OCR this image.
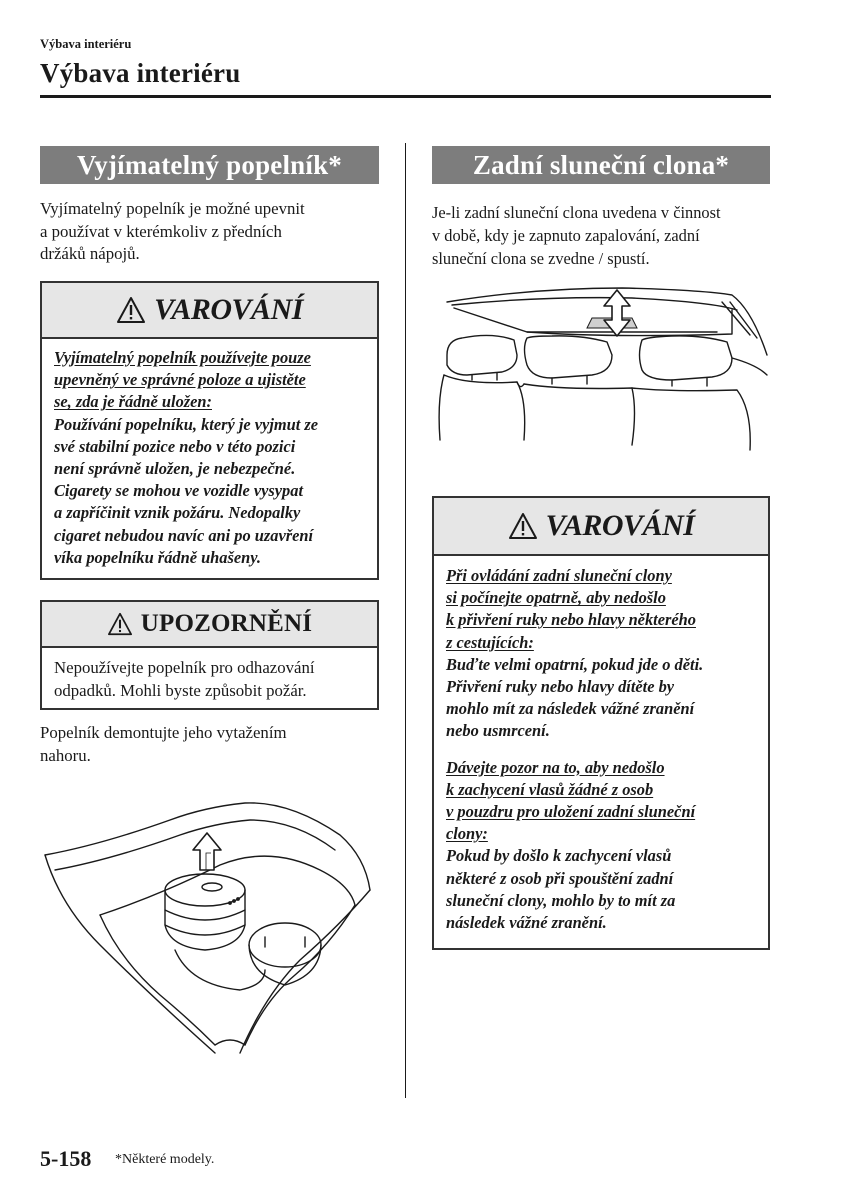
Výbava interiéru
Výbava interiéru
Vyjímatelný popelník*
Vyjímatelný popelník je možné upevnit
a používat v kterémkoliv z předních
držáků nápojů.
VAROVÁNÍ
Vyjímatelný popelník používejte pouze
upevněný ve správné poloze a ujistěte
se, zda je řádně uložen:
Používání popelníku, který je vyjmut ze
své stabilní pozice nebo v této pozici
není správně uložen, je nebezpečné.
Cigarety se mohou ve vozidle vysypat
a zapříčinit vznik požáru. Nedopalky
cigaret nebudou navíc ani po uzavření
víka popelníku řádně uhašeny.
UPOZORNĚNÍ
Nepoužívejte popelník pro odhazování
odpadků. Mohli byste způsobit požár.
Popelník demontujte jeho vytažením
nahoru.
Zadní sluneční clona*
Je-li zadní sluneční clona uvedena v činnost
v době, kdy je zapnuto zapalování, zadní
sluneční clona se zvedne / spustí.
VAROVÁNÍ
Při ovládání zadní sluneční clony
si počínejte opatrně, aby nedošlo
k přivření ruky nebo hlavy některého
z cestujících:
Buďte velmi opatrní, pokud jde o děti.
Přivření ruky nebo hlavy dítěte by
mohlo mít za následek vážné zranění
nebo usmrcení.
Dávejte pozor na to, aby nedošlo
k zachycení vlasů žádné z osob
v pouzdru pro uložení zadní sluneční
clony:
Pokud by došlo k zachycení vlasů
některé z osob při spouštění zadní
sluneční clony, mohlo by to mít za
následek vážné zranění.
5-158 *Některé modely.
